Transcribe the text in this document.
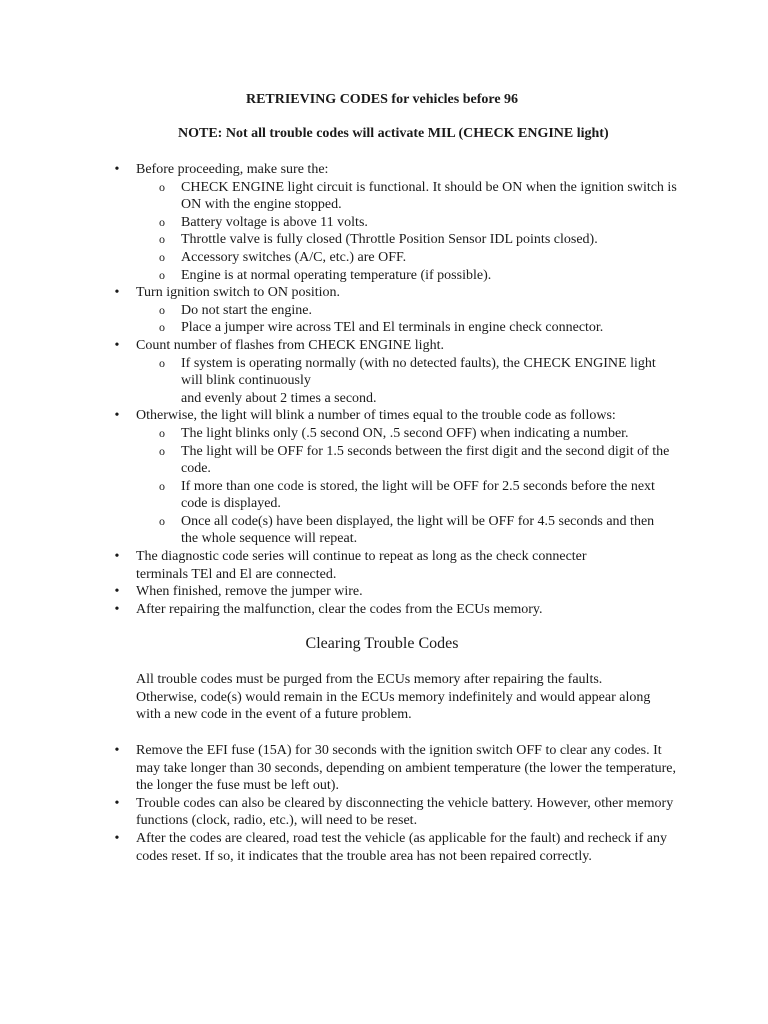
RETRIEVING CODES for vehicles before 96
NOTE: Not all trouble codes will activate MIL (CHECK ENGINE light)
• Before proceeding, make sure the:
o CHECK ENGINE light circuit is functional. It should be ON when the ignition switch is ON with the engine stopped.
o Battery voltage is above 11 volts.
o Throttle valve is fully closed (Throttle Position Sensor IDL points closed).
o Accessory switches (A/C, etc.) are OFF.
o Engine is at normal operating temperature (if possible).
• Turn ignition switch to ON position.
o Do not start the engine.
o Place a jumper wire across TEl and El terminals in engine check connector.
• Count number of flashes from CHECK ENGINE light.
o If system is operating normally (with no detected faults), the CHECK ENGINE light will blink continuously
and evenly about 2 times a second.
• Otherwise, the light will blink a number of times equal to the trouble code as follows:
o The light blinks only (.5 second ON, .5 second OFF) when indicating a number.
o The light will be OFF for 1.5 seconds between the first digit and the second digit of the code.
o If more than one code is stored, the light will be OFF for 2.5 seconds before the next code is displayed.
o Once all code(s) have been displayed, the light will be OFF for 4.5 seconds and then the whole sequence will repeat.
• The diagnostic code series will continue to repeat as long as the check connecter terminals TEl and El are connected.
• When finished, remove the jumper wire.
• After repairing the malfunction, clear the codes from the ECUs memory.
Clearing Trouble Codes
All trouble codes must be purged from the ECUs memory after repairing the faults. Otherwise, code(s) would remain in the ECUs memory indefinitely and would appear along with a new code in the event of a future problem.
• Remove the EFI fuse (15A) for 30 seconds with the ignition switch OFF to clear any codes. It may take longer than 30 seconds, depending on ambient temperature (the lower the temperature, the longer the fuse must be left out).
• Trouble codes can also be cleared by disconnecting the vehicle battery. However, other memory functions (clock, radio, etc.), will need to be reset.
• After the codes are cleared, road test the vehicle (as applicable for the fault) and recheck if any codes reset. If so, it indicates that the trouble area has not been repaired correctly.
